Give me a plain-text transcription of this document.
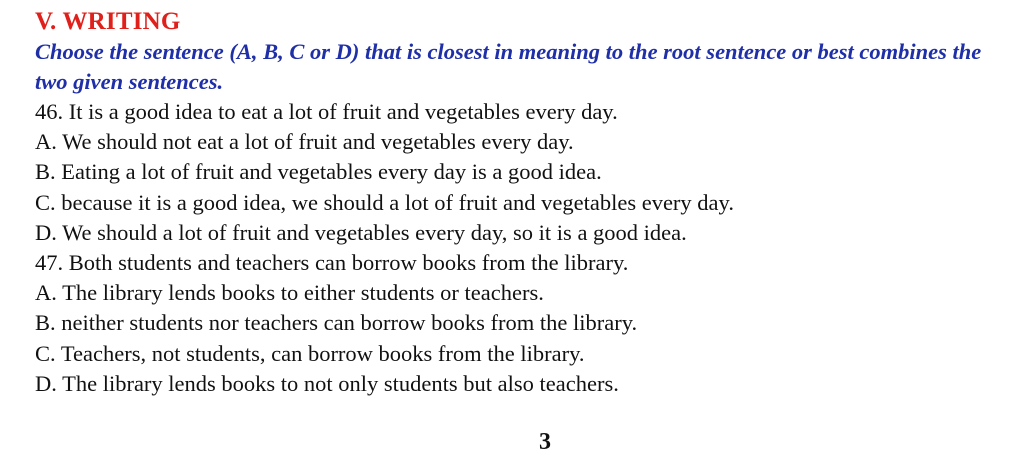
V. WRITING
Choose the sentence (A, B, C or D) that is closest in meaning to the root sentence or best combines the two given sentences.
46. It is a good idea to eat a lot of fruit and vegetables every day.
A. We should not eat a lot of fruit and vegetables every day.
B. Eating a lot of fruit and vegetables every day is a good idea.
C. because it is a good idea, we should a lot of fruit and vegetables every day.
D. We should a lot of fruit and vegetables every day, so it is a good idea.
47. Both students and teachers can borrow books from the library.
A. The library lends books to either students or teachers.
B. neither students nor teachers can borrow books from the library.
C. Teachers, not students, can borrow books from the library.
D. The library lends books to not only students but also teachers.
3
